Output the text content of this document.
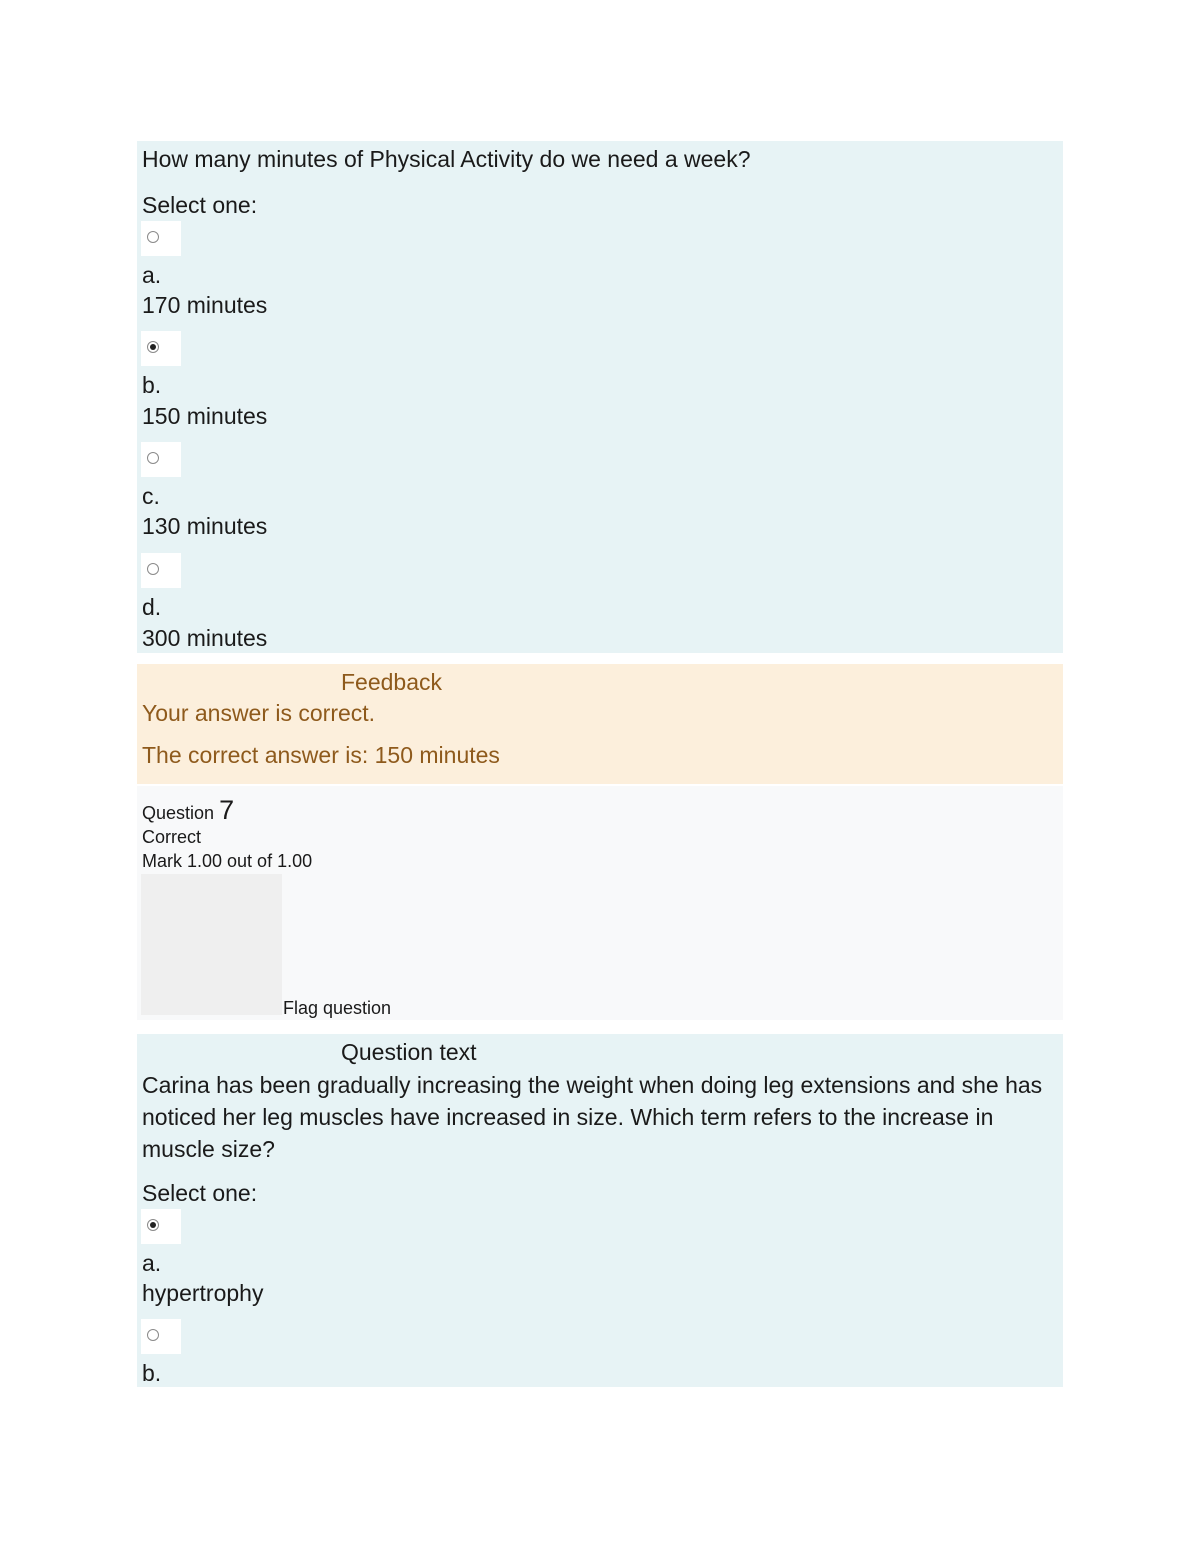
How many minutes of Physical Activity do we need a week?
Select one:
a.
170 minutes
b.
150 minutes
c.
130 minutes
d.
300 minutes
Feedback
Your answer is correct.
The correct answer is: 150 minutes
Question 7
Correct
Mark 1.00 out of 1.00
Flag question
Question text
Carina has been gradually increasing the weight when doing leg extensions and she has noticed her leg muscles have increased in size. Which term refers to the increase in muscle size?
Select one:
a.
hypertrophy
b.
